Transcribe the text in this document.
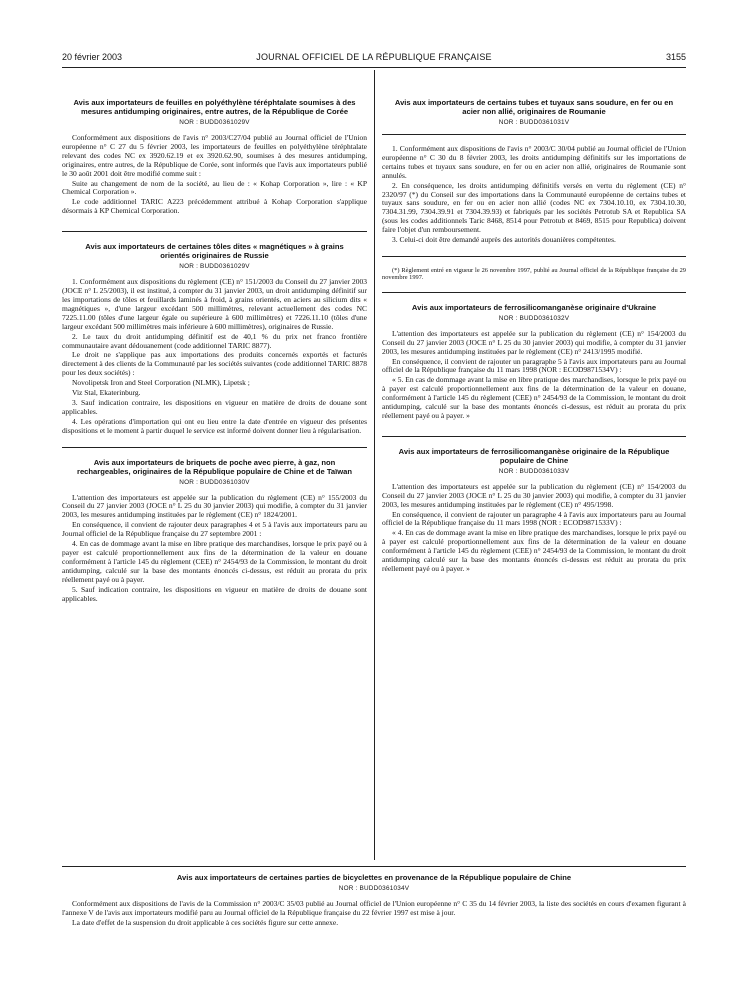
20 février 2003	JOURNAL OFFICIEL DE LA RÉPUBLIQUE FRANÇAISE	3155
Avis aux importateurs de feuilles en polyéthylène téréphtalate soumises à des mesures antidumping originaires, entre autres, de la République de Corée
NOR : BUDD0361029V

Conformément aux dispositions de l'avis n° 2003/C27/04 publié au Journal officiel de l'Union européenne n° C 27 du 5 février 2003, les importateurs de feuilles en polyéthylène téréphtalate relevant des codes NC ex 3920.62.19 et ex 3920.62.90, soumises à des mesures antidumping, originaires, entre autres, de la République de Corée, sont informés que l'avis aux importateurs publié le 30 août 2001 doit être modifié comme suit :

Suite au changement de nom de la société, au lieu de : « Kohap Corporation », lire : « KP Chemical Corporation ».

Le code additionnel TARIC A223 précédemment attribué à Kohap Corporation s'applique désormais à KP Chemical Corporation.

Avis aux importateurs de certaines tôles dites « magnétiques » à grains orientés originaires de Russie
NOR : BUDD0361029V

1. Conformément aux dispositions du règlement (CE) n° 151/2003 du Conseil du 27 janvier 2003 (JOCE n° L 25/2003), il est institué, à compter du 31 janvier 2003, un droit antidumping définitif sur les importations de tôles et feuillards laminés à froid, à grains orientés, en aciers au silicium dits « magnétiques », d'une largeur excédant 500 millimètres, relevant actuellement des codes NC 7225.11.00 (tôles d'une largeur égale ou supérieure à 600 millimètres) et 7226.11.10 (tôles d'une largeur excédant 500 millimètres mais inférieure à 600 millimètres), originaires de Russie.

2. Le taux du droit antidumping définitif est de 40,1 % du prix net franco frontière communautaire avant dédouanement (code additionnel TARIC 8877).

Le droit ne s'applique pas aux importations des produits concernés exportés et facturés directement à des clients de la Communauté par les sociétés suivantes (code additionnel TARIC 8878 pour les deux sociétés) :

Novolipetsk Iron and Steel Corporation (NLMK), Lipetsk ;

Viz Stal, Ekaterinburg.

3. Sauf indication contraire, les dispositions en vigueur en matière de droits de douane sont applicables.

4. Les opérations d'importation qui ont eu lieu entre la date d'entrée en vigueur des présentes dispositions et le moment à partir duquel le service est informé doivent donner lieu à régularisation.

Avis aux importateurs de briquets de poche avec pierre, à gaz, non rechargeables, originaires de la République populaire de Chine et de Taïwan
NOR : BUDD0361030V

L'attention des importateurs est appelée sur la publication du règlement (CE) n° 155/2003 du Conseil du 27 janvier 2003 (JOCE n° L 25 du 30 janvier 2003) qui modifie, à compter du 31 janvier 2003, les mesures antidumping instituées par le règlement (CE) n° 1824/2001.

En conséquence, il convient de rajouter deux paragraphes 4 et 5 à l'avis aux importateurs paru au Journal officiel de la République française du 27 septembre 2001 :

4. En cas de dommage avant la mise en libre pratique des marchandises, lorsque le prix payé ou à payer est calculé proportionnellement aux fins de la détermination de la valeur en douane conformément à l'article 145 du règlement (CEE) n° 2454/93 de la Commission, le montant du droit antidumping, calculé sur la base des montants énoncés ci-dessus, est réduit au prorata du prix réellement payé ou à payer.

5. Sauf indication contraire, les dispositions en vigueur en matière de droits de douane sont applicables.

Avis aux importateurs de certains tubes et tuyaux sans soudure, en fer ou en acier non allié, originaires de Roumanie
NOR : BUDD0361031V

1. Conformément aux dispositions de l'avis n° 2003/C 30/04 publié au Journal officiel de l'Union européenne n° C 30 du 8 février 2003, les droits antidumping définitifs sur les importations de certains tubes et tuyaux sans soudure, en fer ou en acier non allié, originaires de Roumanie sont annulés.

2. En conséquence, les droits antidumping définitifs versés en vertu du règlement (CE) n° 2320/97 (*) du Conseil sur des importations dans la Communauté européenne de certains tubes et tuyaux sans soudure, en fer ou en acier non allié (codes NC ex 7304.10.10, ex 7304.10.30, 7304.31.99, 7304.39.91 et 7304.39.93) et fabriqués par les sociétés Petrotub SA et Republica SA (sous les codes additionnels Taric 8468, 8514 pour Petrotub et 8469, 8515 pour Republica) doivent faire l'objet d'un remboursement.

3. Celui-ci doit être demandé auprès des autorités douanières compétentes.

(*) Règlement entré en vigueur le 26 novembre 1997, publié au Journal officiel de la République française du 29 novembre 1997.

Avis aux importateurs de ferrosilicomanganèse originaire d'Ukraine
NOR : BUDD0361032V

L'attention des importateurs est appelée sur la publication du règlement (CE) n° 154/2003 du Conseil du 27 janvier 2003 (JOCE n° L 25 du 30 janvier 2003) qui modifie, à compter du 31 janvier 2003, les mesures antidumping instituées par le règlement (CE) n° 2413/1995 modifié.

En conséquence, il convient de rajouter un paragraphe 5 à l'avis aux importateurs paru au Journal officiel de la République française du 11 mars 1998 (NOR : ECOD9871534V) :

« 5. En cas de dommage avant la mise en libre pratique des marchandises, lorsque le prix payé ou à payer est calculé proportionnellement aux fins de la détermination de la valeur en douane, conformément à l'article 145 du règlement (CEE) n° 2454/93 de la Commission, le montant du droit antidumping, calculé sur la base des montants énoncés ci-dessus, est réduit au prorata du prix réellement payé ou à payer. »

Avis aux importateurs de ferrosilicomanganèse originaire de la République populaire de Chine
NOR : BUDD0361033V

L'attention des importateurs est appelée sur la publication du règlement (CE) n° 154/2003 du Conseil du 27 janvier 2003 (JOCE n° L 25 du 30 janvier 2003) qui modifie, à compter du 31 janvier 2003, les mesures antidumping instituées par le règlement (CE) n° 495/1998.

En conséquence, il convient de rajouter un paragraphe 4 à l'avis aux importateurs paru au Journal officiel de la République française du 11 mars 1998 (NOR : ECOD9871533V) :

« 4. En cas de dommage avant la mise en libre pratique des marchandises, lorsque le prix payé ou à payer est calculé proportionnellement aux fins de la détermination de la valeur en douane conformément à l'article 145 du règlement (CEE) n° 2454/93 de la Commission, le montant du droit antidumping calculé sur la base des montants énoncés ci-dessus est réduit au prorata du prix réellement payé ou à payer. »

Avis aux importateurs de certaines parties de bicyclettes en provenance de la République populaire de Chine
NOR : BUDD0361034V

Conformément aux dispositions de l'avis de la Commission n° 2003/C 35/03 publié au Journal officiel de l'Union européenne n° C 35 du 14 février 2003, la liste des sociétés en cours d'examen figurant à l'annexe V de l'avis aux importateurs modifié paru au Journal officiel de la République française du 22 février 1997 est mise à jour.

La date d'effet de la suspension du droit applicable à ces sociétés figure sur cette annexe.
